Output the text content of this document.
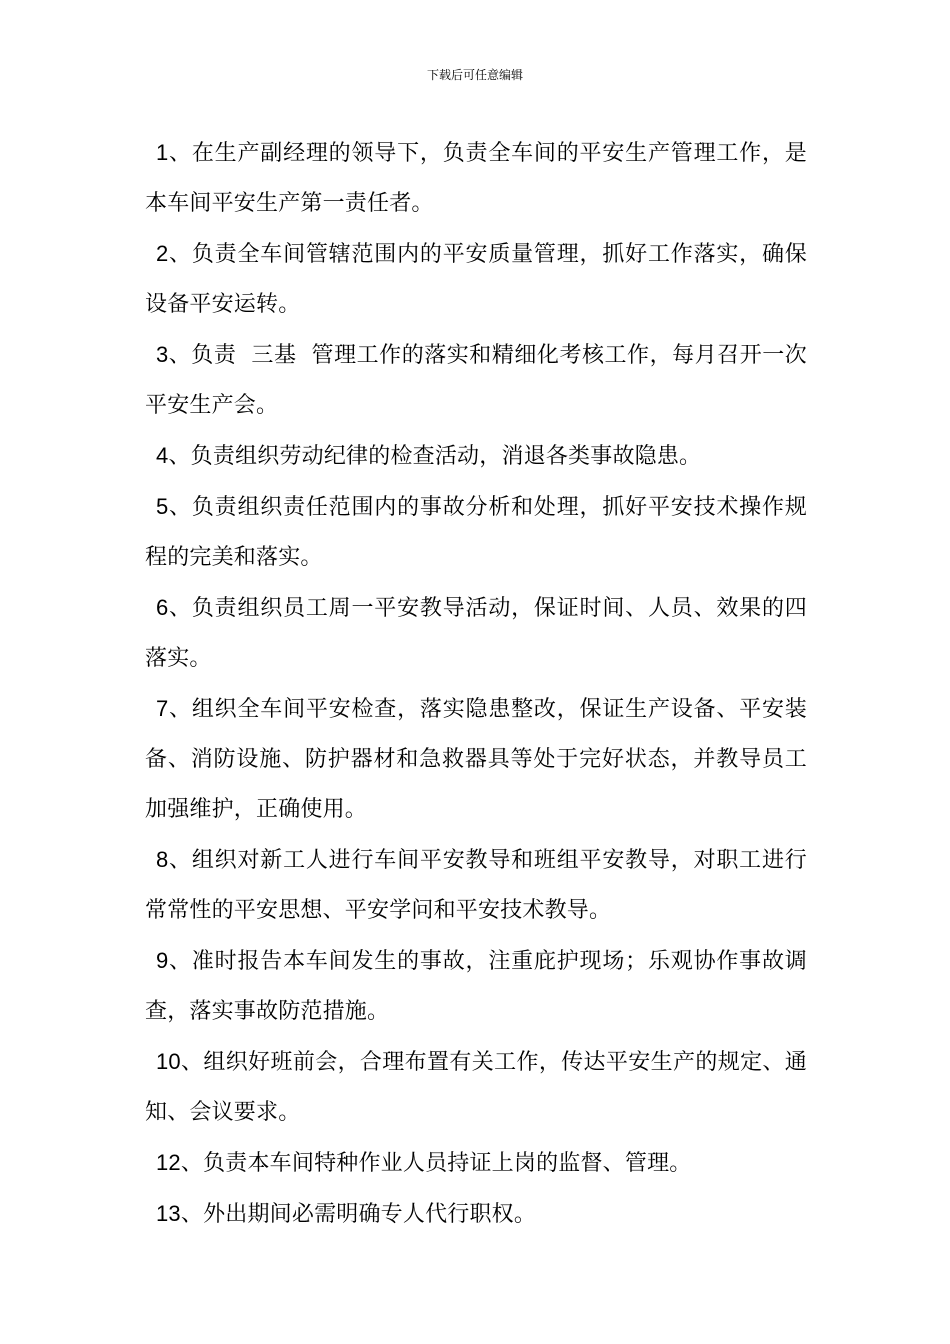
下载后可任意编辑

1、在生产副经理的领导下，负责全车间的平安生产管理工作，是本车间平安生产第一责任者。

2、负责全车间管辖范围内的平安质量管理，抓好工作落实，确保设备平安运转。

3、负责  三基  管理工作的落实和精细化考核工作，每月召开一次平安生产会。

4、负责组织劳动纪律的检查活动，消退各类事故隐患。

5、负责组织责任范围内的事故分析和处理，抓好平安技术操作规程的完美和落实。

6、负责组织员工周一平安教导活动，保证时间、人员、效果的四落实。

7、组织全车间平安检查，落实隐患整改，保证生产设备、平安装备、消防设施、防护器材和急救器具等处于完好状态，并教导员工加强维护，正确使用。

8、组织对新工人进行车间平安教导和班组平安教导，对职工进行常常性的平安思想、平安学问和平安技术教导。

9、准时报告本车间发生的事故，注重庇护现场；乐观协作事故调查，落实事故防范措施。

10、组织好班前会，合理布置有关工作，传达平安生产的规定、通知、会议要求。

12、负责本车间特种作业人员持证上岗的监督、管理。

13、外出期间必需明确专人代行职权。
